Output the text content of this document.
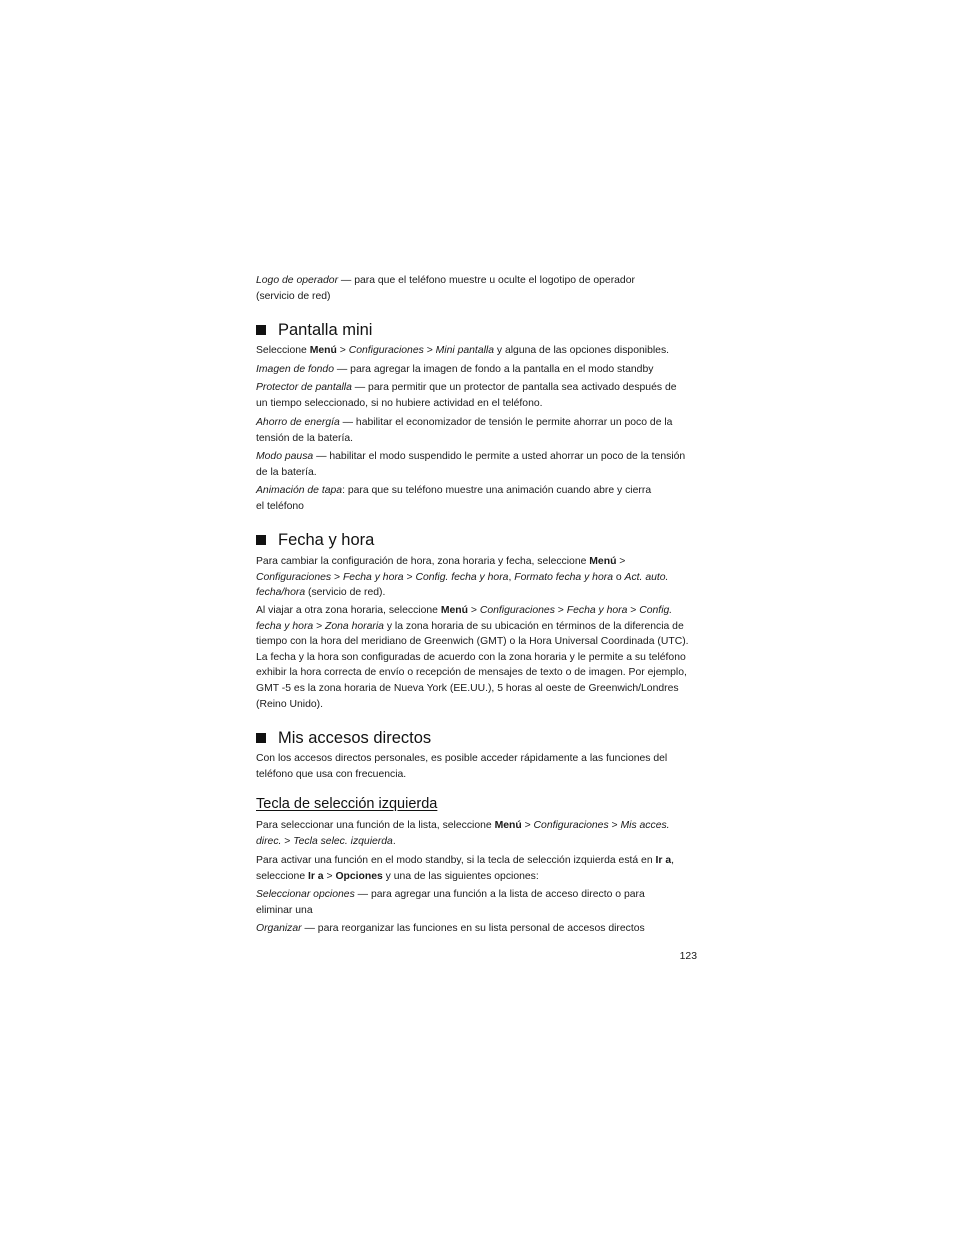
Logo de operador — para que el teléfono muestre u oculte el logotipo de operador

(servicio de red)

Pantalla mini

Seleccione Menú > Configuraciones > Mini pantalla y alguna de las opciones disponibles.

Imagen de fondo — para agregar la imagen de fondo a la pantalla en el modo standby

Protector de pantalla — para permitir que un protector de pantalla sea activado después de

un tiempo seleccionado, si no hubiere actividad en el teléfono.

Ahorro de energía — habilitar el economizador de tensión le permite ahorrar un poco de la

tensión de la batería.

Modo pausa — habilitar el modo suspendido le permite a usted ahorrar un poco de la tensión

de la batería.

Animación de tapa: para que su teléfono muestre una animación cuando abre y cierra

el teléfono

Fecha y hora

Para cambiar la configuración de hora, zona horaria y fecha, seleccione Menú >

Configuraciones > Fecha y hora > Config. fecha y hora, Formato fecha y hora o Act. auto.

fecha/hora (servicio de red).

Al viajar a otra zona horaria, seleccione Menú > Configuraciones > Fecha y hora > Config.

fecha y hora > Zona horaria y la zona horaria de su ubicación en términos de la diferencia de

tiempo con la hora del meridiano de Greenwich (GMT) o la Hora Universal Coordinada (UTC).

La fecha y la hora son configuradas de acuerdo con la zona horaria y le permite a su teléfono

exhibir la hora correcta de envío o recepción de mensajes de texto o de imagen. Por ejemplo,

GMT -5 es la zona horaria de Nueva York (EE.UU.), 5 horas al oeste de Greenwich/Londres

(Reino Unido).

Mis accesos directos

Con los accesos directos personales, es posible acceder rápidamente a las funciones del

teléfono que usa con frecuencia.

Tecla de selección izquierda

Para seleccionar una función de la lista, seleccione Menú > Configuraciones > Mis acces.

direc. > Tecla selec. izquierda.

Para activar una función en el modo standby, si la tecla de selección izquierda está en Ir a,

seleccione Ir a > Opciones y una de las siguientes opciones:

Seleccionar opciones — para agregar una función a la lista de acceso directo o para

eliminar una

Organizar — para reorganizar las funciones en su lista personal de accesos directos

123
